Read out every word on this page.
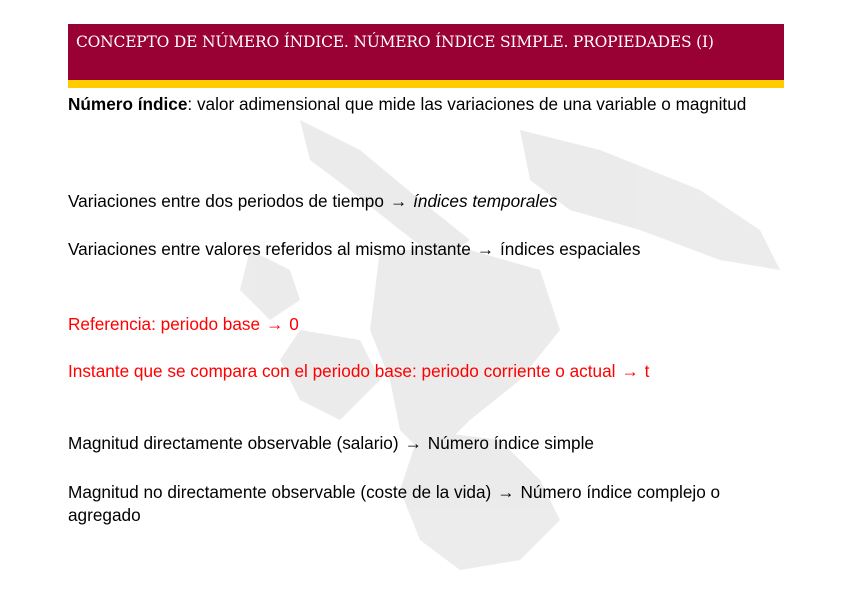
CONCEPTO DE NÚMERO ÍNDICE. NÚMERO ÍNDICE SIMPLE. PROPIEDADES (I)

Número índice: valor adimensional que mide las variaciones de una variable o magnitud

Variaciones entre dos periodos de tiempo → índices temporales

Variaciones entre valores referidos al mismo instante → índices espaciales

Referencia: periodo base → 0

Instante que se compara con el periodo base: periodo corriente o actual → t

Magnitud directamente observable (salario) → Número índice simple

Magnitud no directamente observable (coste de la vida) → Número índice complejo o agregado
